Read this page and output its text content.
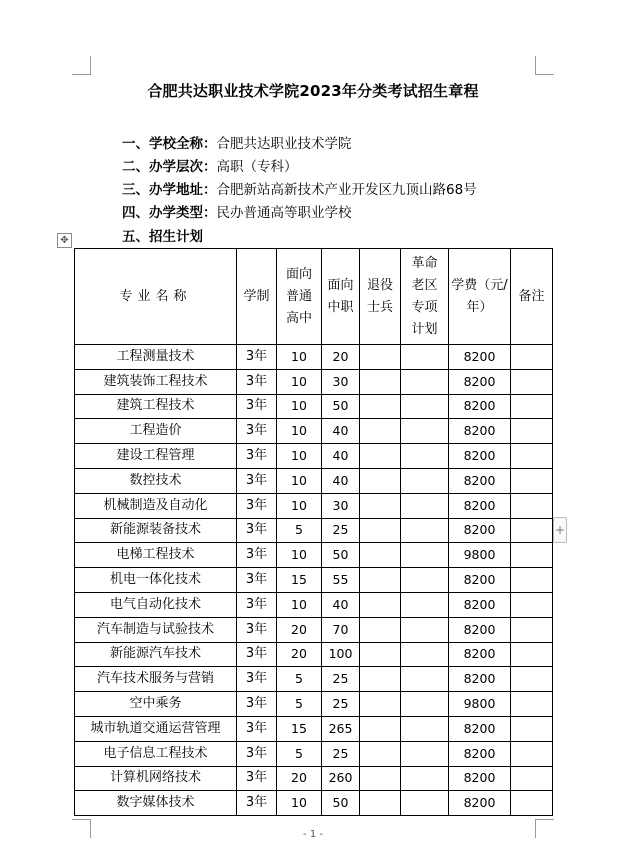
合肥共达职业技术学院2023年分类考试招生章程
一、学校全称：合肥共达职业技术学院
二、办学层次：高职（专科）
三、办学地址：合肥新站高新技术产业开发区九顶山路68号
四、办学类型：民办普通高等职业学校
五、招生计划
✥
+
专业名称	学制	面向普通高中	面向中职	退役士兵	革命老区专项计划	学费（元/年）	备注
工程测量技术	3年	10	20			8200	
建筑装饰工程技术	3年	10	30			8200	
建筑工程技术	3年	10	50			8200	
工程造价	3年	10	40			8200	
建设工程管理	3年	10	40			8200	
数控技术	3年	10	40			8200	
机械制造及自动化	3年	10	30			8200	
新能源装备技术	3年	5	25			8200	
电梯工程技术	3年	10	50			9800	
机电一体化技术	3年	15	55			8200	
电气自动化技术	3年	10	40			8200	
汽车制造与试验技术	3年	20	70			8200	
新能源汽车技术	3年	20	100			8200	
汽车技术服务与营销	3年	5	25			8200	
空中乘务	3年	5	25			9800	
城市轨道交通运营管理	3年	15	265			8200	
电子信息工程技术	3年	5	25			8200	
计算机网络技术	3年	20	260			8200	
数字媒体技术	3年	10	50			8200	
- 1 -
